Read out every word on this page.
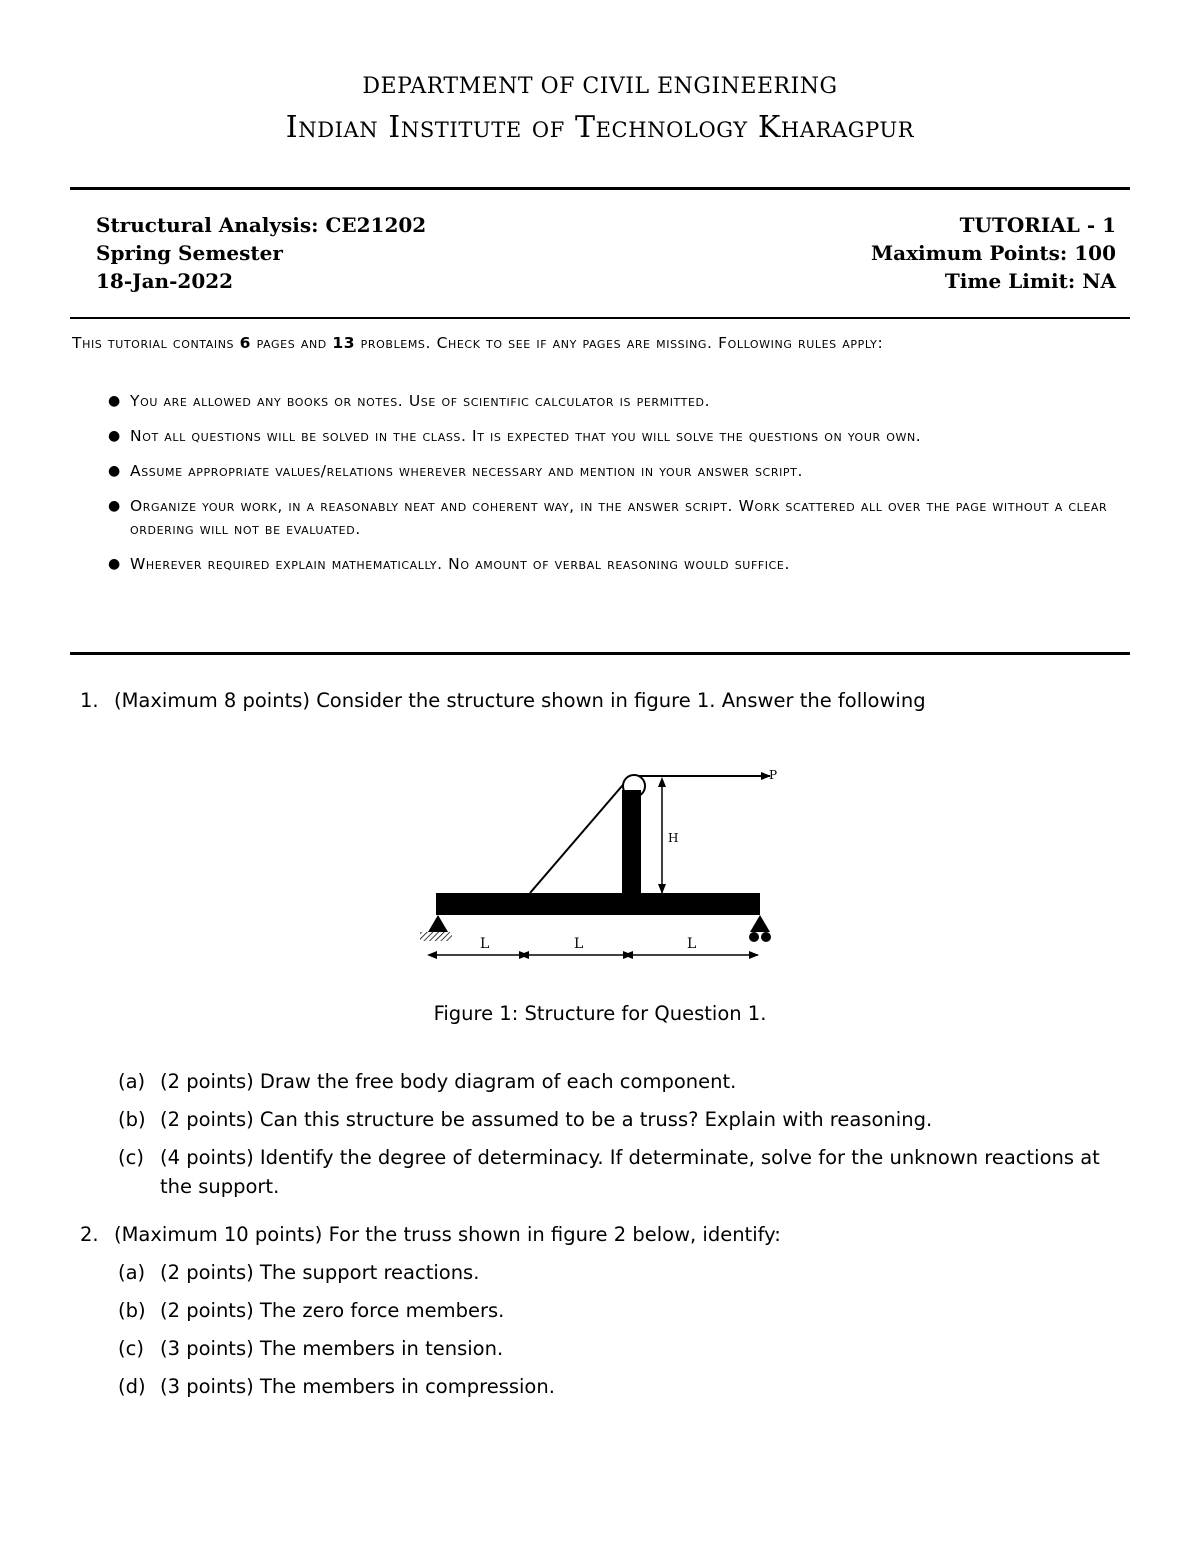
DEPARTMENT OF CIVIL ENGINEERING
Indian Institute of Technology Kharagpur
Structural Analysis: CE21202
Spring Semester
18-Jan-2022
TUTORIAL - 1
Maximum Points: 100
Time Limit: NA
This tutorial contains 6 pages and 13 problems. Check to see if any pages are missing. Following rules apply:
● You are allowed any books or notes. Use of scientific calculator is permitted.
● Not all questions will be solved in the class. It is expected that you will solve the questions on your own.
● Assume appropriate values/relations wherever necessary and mention in your answer script.
● Organize your work, in a reasonably neat and coherent way, in the answer script. Work scattered all over the page without a clear ordering will not be evaluated.
● Wherever required explain mathematically. No amount of verbal reasoning would suffice.
1. (Maximum 8 points) Consider the structure shown in figure 1. Answer the following
P
H
L	L	L
Figure 1: Structure for Question 1.
(a) (2 points) Draw the free body diagram of each component.
(b) (2 points) Can this structure be assumed to be a truss? Explain with reasoning.
(c) (4 points) Identify the degree of determinacy. If determinate, solve for the unknown reactions at the support.
2. (Maximum 10 points) For the truss shown in figure 2 below, identify:
(a) (2 points) The support reactions.
(b) (2 points) The zero force members.
(c) (3 points) The members in tension.
(d) (3 points) The members in compression.
